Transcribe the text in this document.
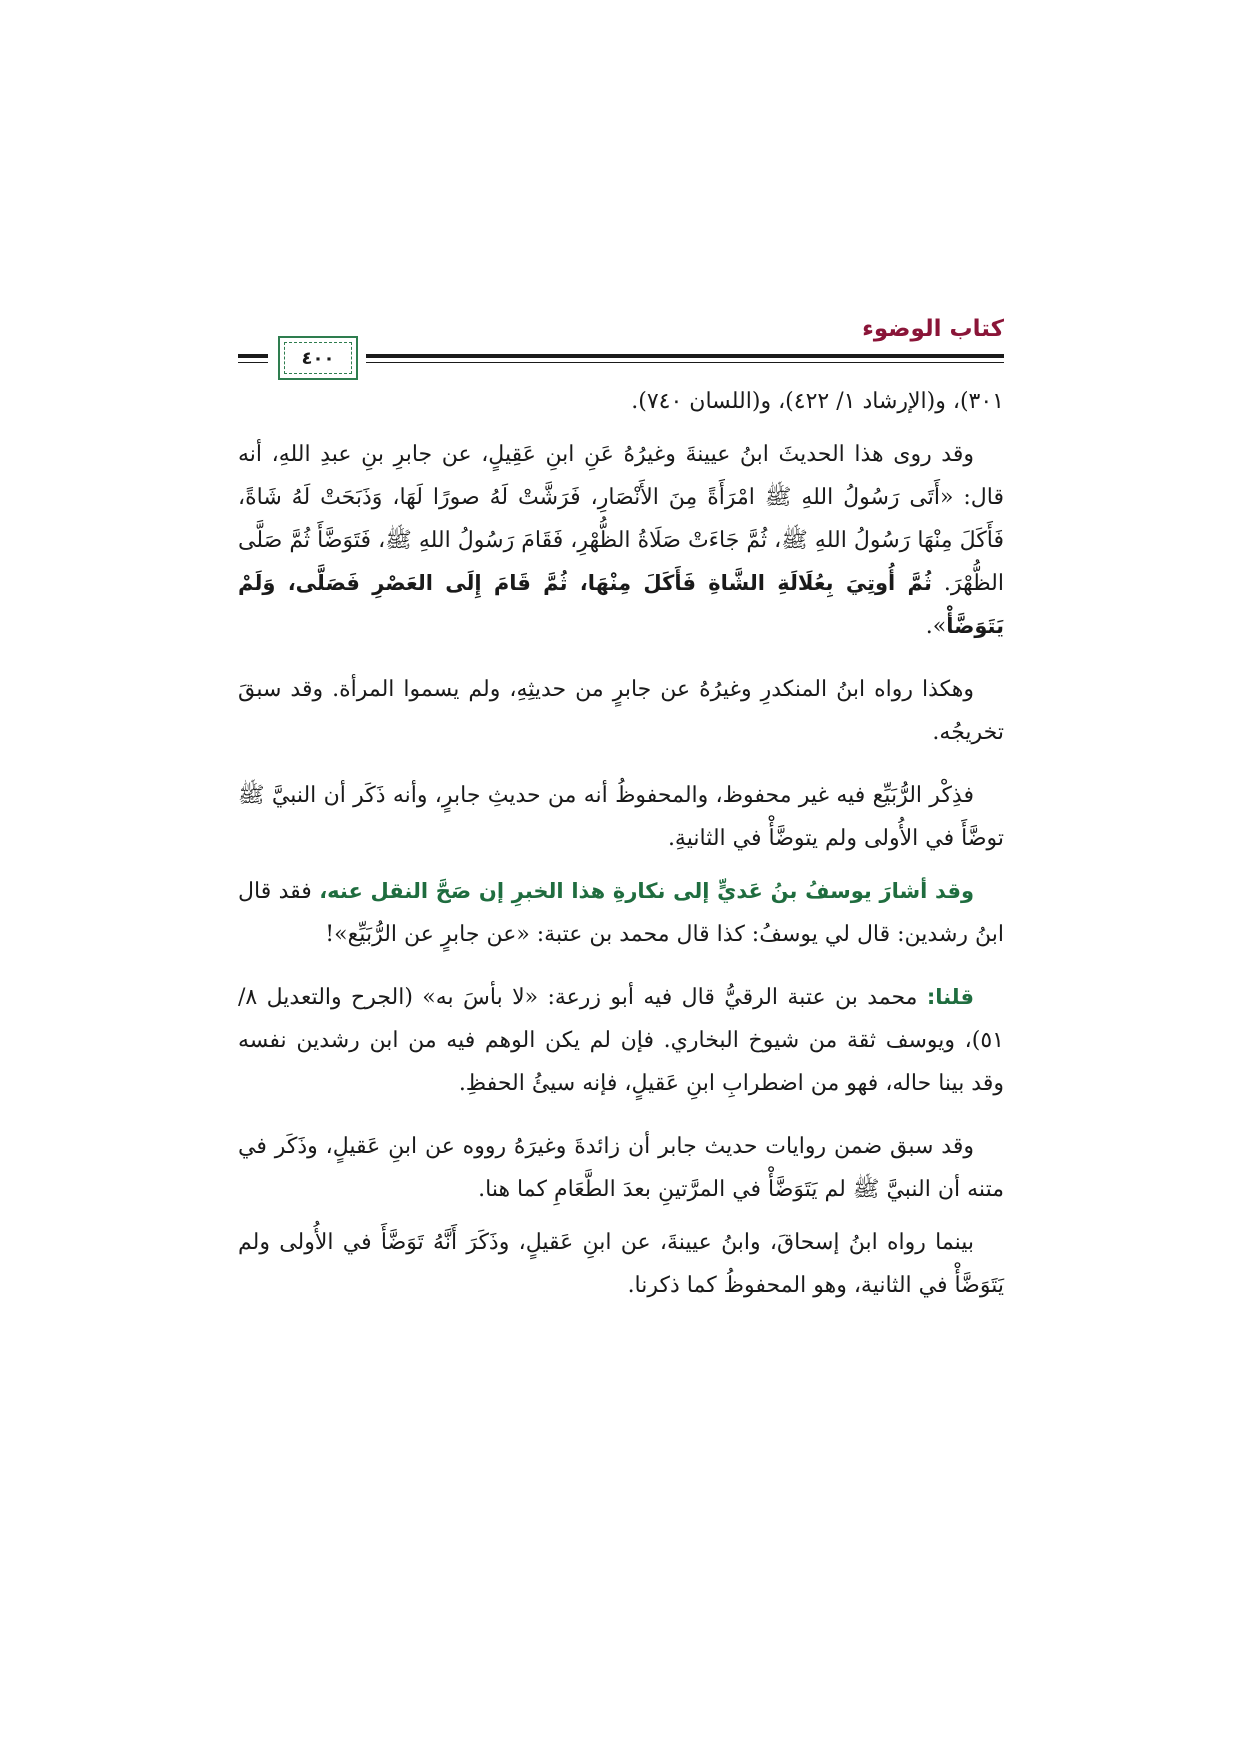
كتاب الوضوء
٤٠٠

٣٠١)، و(الإرشاد ١/ ٤٢٢)، و(اللسان ٧٤٠).

وقد روى هذا الحديثَ ابنُ عيينةَ وغيرُهُ عَنِ ابنِ عَقِيلٍ، عن جابرِ بنِ عبدِ اللهِ، أنه قال: «أَتَى رَسُولُ اللهِ ﷺ امْرَأَةً مِنَ الأَنْصَارِ، فَرَشَّتْ لَهُ صورًا لَهَا، وَذَبَحَتْ لَهُ شَاةً، فَأَكَلَ مِنْهَا رَسُولُ اللهِ ﷺ، ثُمَّ جَاءَتْ صَلَاةُ الظُّهْرِ، فَقَامَ رَسُولُ اللهِ ﷺ، فَتَوَضَّأَ ثُمَّ صَلَّى الظُّهْرَ. ثُمَّ أُوتِيَ بِعُلَالَةِ الشَّاةِ فَأَكَلَ مِنْهَا، ثُمَّ قَامَ إِلَى العَصْرِ فَصَلَّى، وَلَمْ يَتَوَضَّأْ».

وهكذا رواه ابنُ المنكدرِ وغيرُهُ عن جابرٍ من حديثِهِ، ولم يسموا المرأة. وقد سبقَ تخريجُه.

فذِكْر الرُّبَيِّع فيه غير محفوظ، والمحفوظُ أنه من حديثِ جابرٍ، وأنه ذَكَر أن النبيَّ ﷺ توضَّأَ في الأُولى ولم يتوضَّأْ في الثانيةِ.

وقد أشارَ يوسفُ بنُ عَديٍّ إلى نكارةِ هذا الخبرِ إن صَحَّ النقل عنه، فقد قال ابنُ رشدين: قال لي يوسفُ: كذا قال محمد بن عتبة: «عن جابرٍ عن الرُّبَيِّع»!

قلنا: محمد بن عتبة الرقيُّ قال فيه أبو زرعة: «لا بأسَ به» (الجرح والتعديل ٨/ ٥١)، ويوسف ثقة من شيوخ البخاري. فإن لم يكن الوهم فيه من ابن رشدين نفسه وقد بينا حاله، فهو من اضطرابِ ابنِ عَقيلٍ، فإنه سيئُ الحفظِ.

وقد سبق ضمن روايات حديث جابر أن زائدةَ وغيرَهُ رووه عن ابنِ عَقيلٍ، وذَكَر في متنه أن النبيَّ ﷺ لم يَتَوَضَّأْ في المرَّتينِ بعدَ الطَّعَامِ كما هنا.

بينما رواه ابنُ إسحاقَ، وابنُ عيينةَ، عن ابنِ عَقيلٍ، وذَكَرَ أَنَّهُ تَوَضَّأَ في الأُولى ولم يَتَوَضَّأْ في الثانية، وهو المحفوظُ كما ذكرنا.
